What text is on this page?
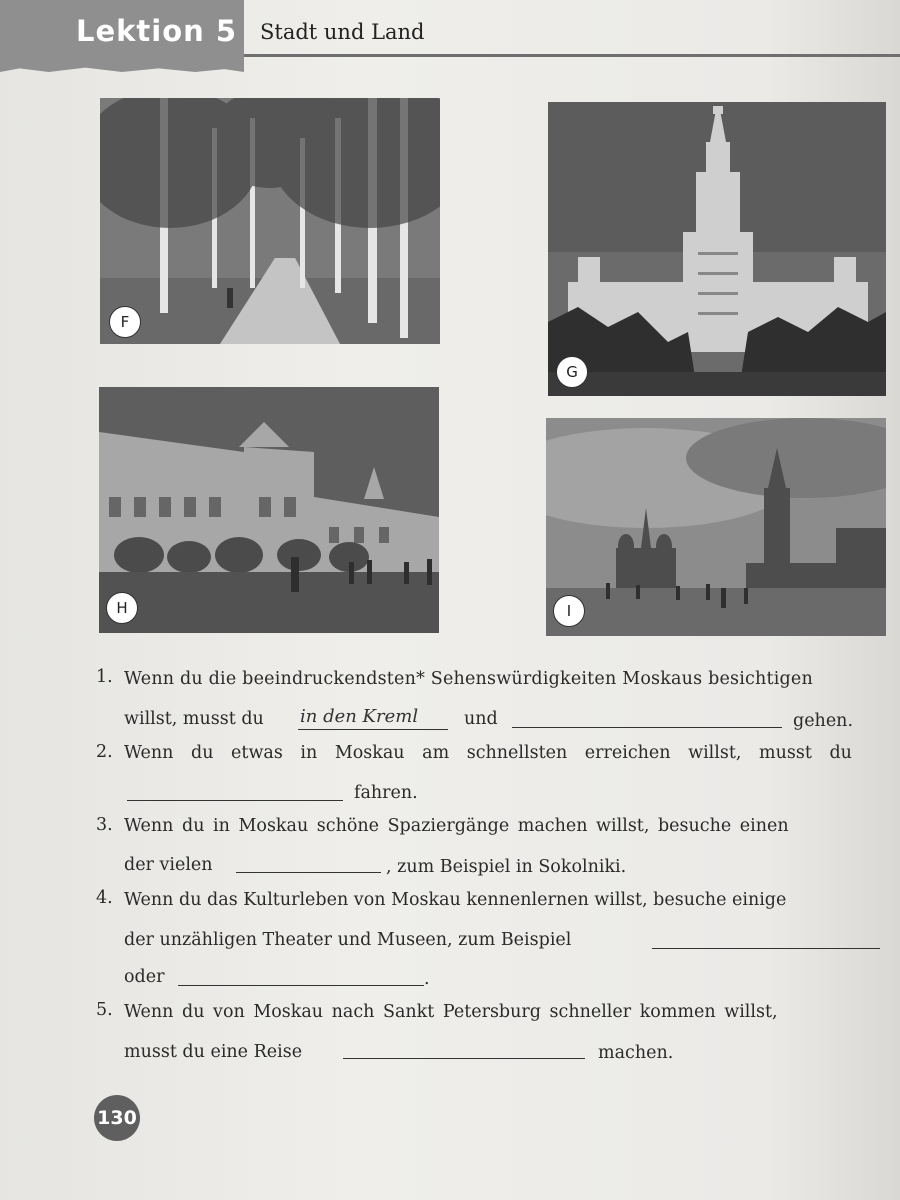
Lektion 5 Stadt und Land
F
G
H	I
1. Wenn du die beeindruckendsten* Sehenswürdigkeiten Moskaus besichtigen
willst, musst du in den Kreml	und	gehen.
2. Wenn du etwas in Moskau am schnellsten erreichen willst, musst du
fahren.
3. Wenn du in Moskau schöne Spaziergänge machen willst, besuche einen
der vielen	, zum Beispiel in Sokolniki.
4. Wenn du das Kulturleben von Moskau kennenlernen willst, besuche einige
der unzähligen Theater und Museen, zum Beispiel
oder	.
5. Wenn du von Moskau nach Sankt Petersburg schneller kommen willst,
musst du eine Reise	machen.
130
